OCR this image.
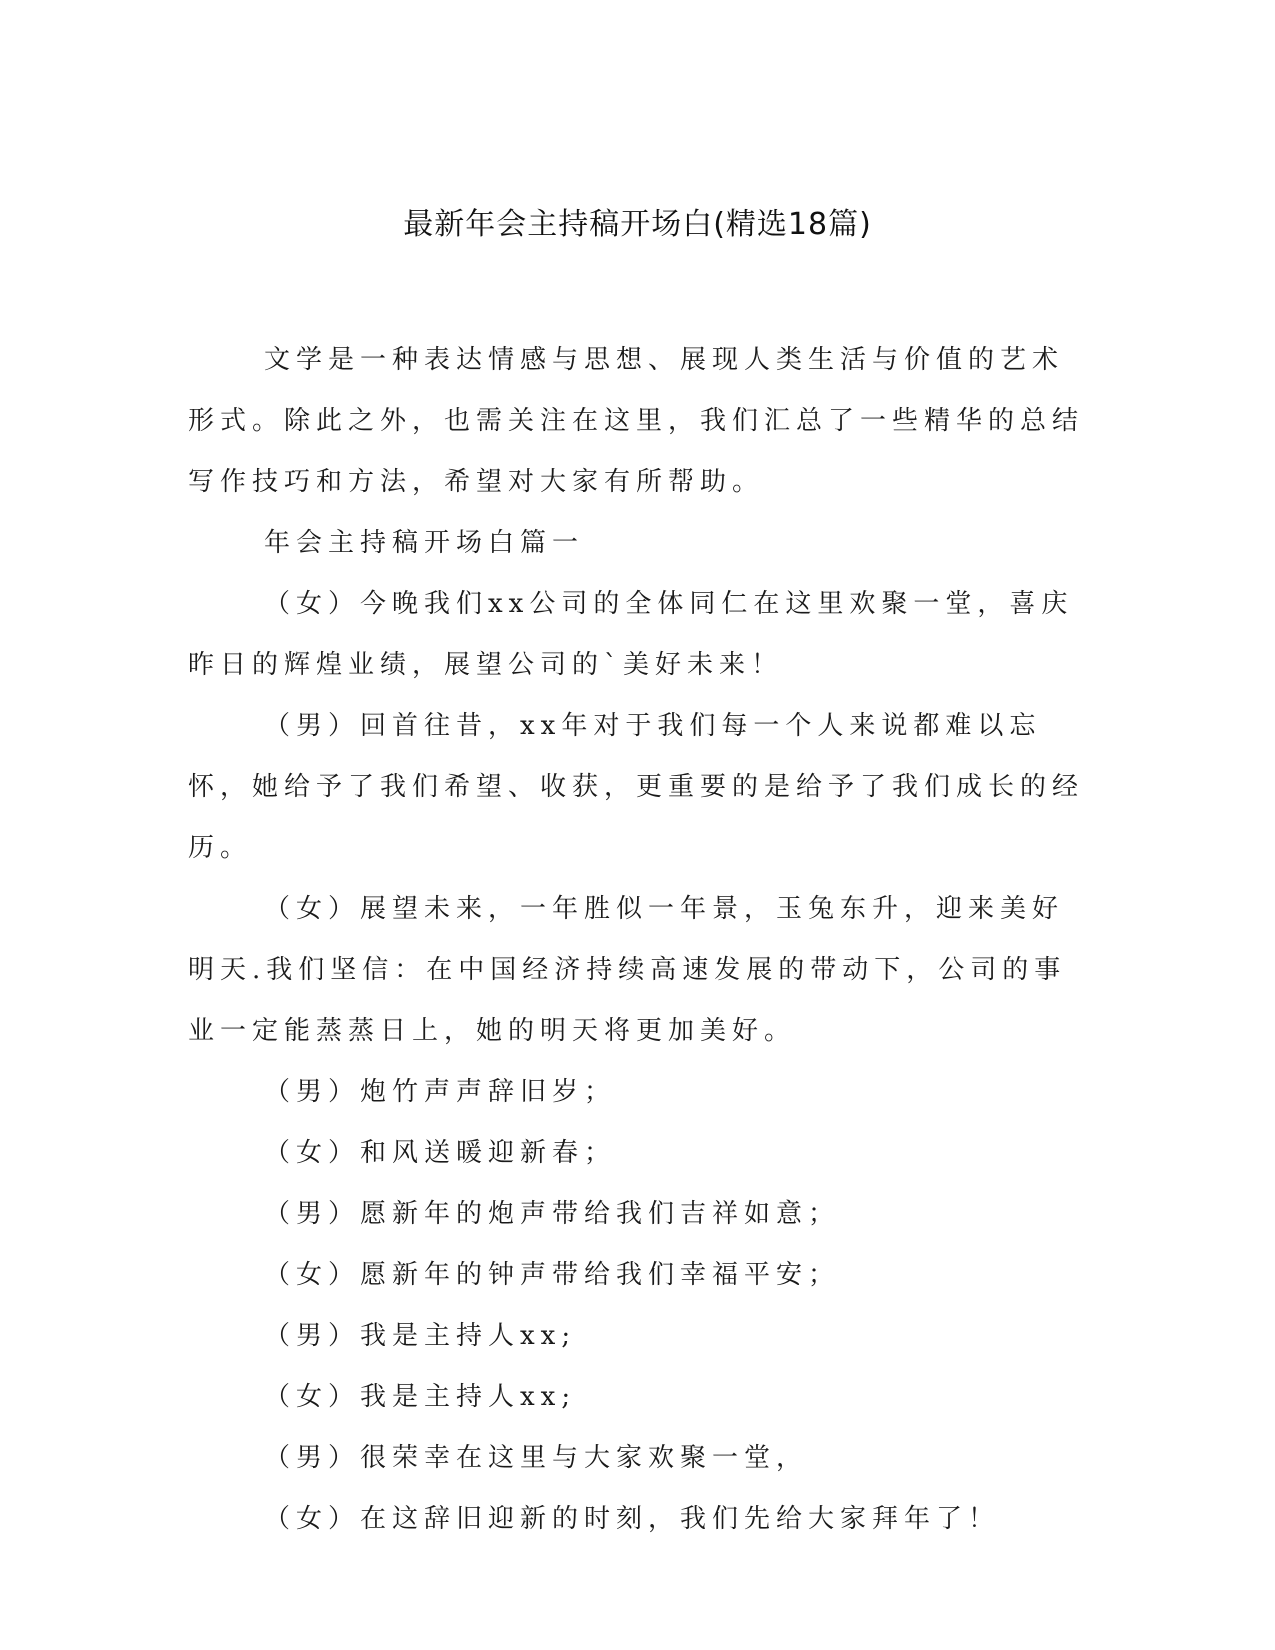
最新年会主持稿开场白(精选18篇)

文学是一种表达情感与思想、展现人类生活与价值的艺术形式。除此之外，也需关注在这里，我们汇总了一些精华的总结写作技巧和方法，希望对大家有所帮助。

年会主持稿开场白篇一

（女）今晚我们xx公司的全体同仁在这里欢聚一堂，喜庆昨日的辉煌业绩，展望公司的`美好未来！

（男）回首往昔，xx年对于我们每一个人来说都难以忘怀，她给予了我们希望、收获，更重要的是给予了我们成长的经历。

（女）展望未来，一年胜似一年景，玉兔东升，迎来美好明天.我们坚信：在中国经济持续高速发展的带动下，公司的事业一定能蒸蒸日上，她的明天将更加美好。

（男）炮竹声声辞旧岁；

（女）和风送暖迎新春；

（男）愿新年的炮声带给我们吉祥如意；

（女）愿新年的钟声带给我们幸福平安；

（男）我是主持人xx;

（女）我是主持人xx;

（男）很荣幸在这里与大家欢聚一堂，

（女）在这辞旧迎新的时刻，我们先给大家拜年了！
